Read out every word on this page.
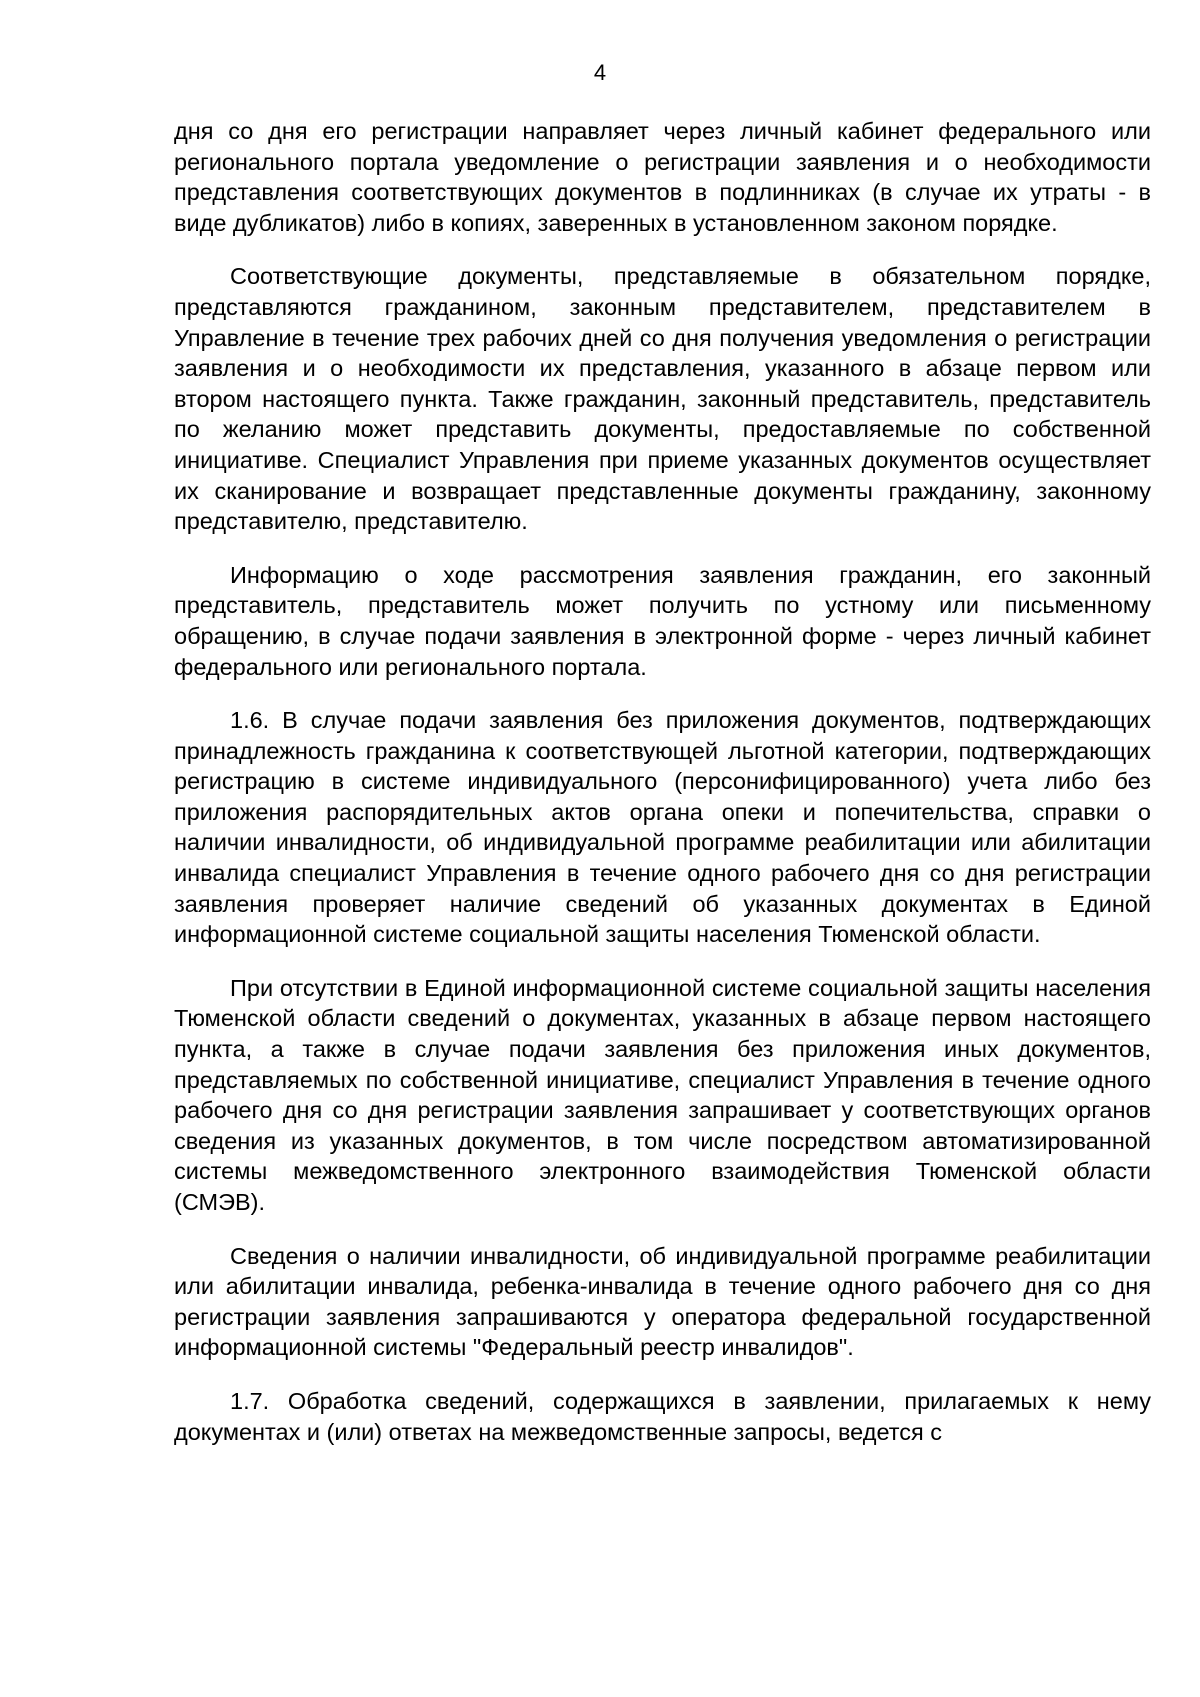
4

дня со дня его регистрации направляет через личный кабинет федерального или регионального портала уведомление о регистрации заявления и о необходимости представления соответствующих документов в подлинниках (в случае их утраты - в виде дубликатов) либо в копиях, заверенных в установленном законом порядке.

Соответствующие документы, представляемые в обязательном порядке, представляются гражданином, законным представителем, представителем в Управление в течение трех рабочих дней со дня получения уведомления о регистрации заявления и о необходимости их представления, указанного в абзаце первом или втором настоящего пункта. Также гражданин, законный представитель, представитель по желанию может представить документы, предоставляемые по собственной инициативе. Специалист Управления при приеме указанных документов осуществляет их сканирование и возвращает представленные документы гражданину, законному представителю, представителю.

Информацию о ходе рассмотрения заявления гражданин, его законный представитель, представитель может получить по устному или письменному обращению, в случае подачи заявления в электронной форме - через личный кабинет федерального или регионального портала.

1.6. В случае подачи заявления без приложения документов, подтверждающих принадлежность гражданина к соответствующей льготной категории, подтверждающих регистрацию в системе индивидуального (персонифицированного) учета либо без приложения распорядительных актов органа опеки и попечительства, справки о наличии инвалидности, об индивидуальной программе реабилитации или абилитации инвалида специалист Управления в течение одного рабочего дня со дня регистрации заявления проверяет наличие сведений об указанных документах в Единой информационной системе социальной защиты населения Тюменской области.

При отсутствии в Единой информационной системе социальной защиты населения Тюменской области сведений о документах, указанных в абзаце первом настоящего пункта, а также в случае подачи заявления без приложения иных документов, представляемых по собственной инициативе, специалист Управления в течение одного рабочего дня со дня регистрации заявления запрашивает у соответствующих органов сведения из указанных документов, в том числе посредством автоматизированной системы межведомственного электронного взаимодействия Тюменской области (СМЭВ).

Сведения о наличии инвалидности, об индивидуальной программе реабилитации или абилитации инвалида, ребенка-инвалида в течение одного рабочего дня со дня регистрации заявления запрашиваются у оператора федеральной государственной информационной системы "Федеральный реестр инвалидов".

1.7. Обработка сведений, содержащихся в заявлении, прилагаемых к нему документах и (или) ответах на межведомственные запросы, ведется с
